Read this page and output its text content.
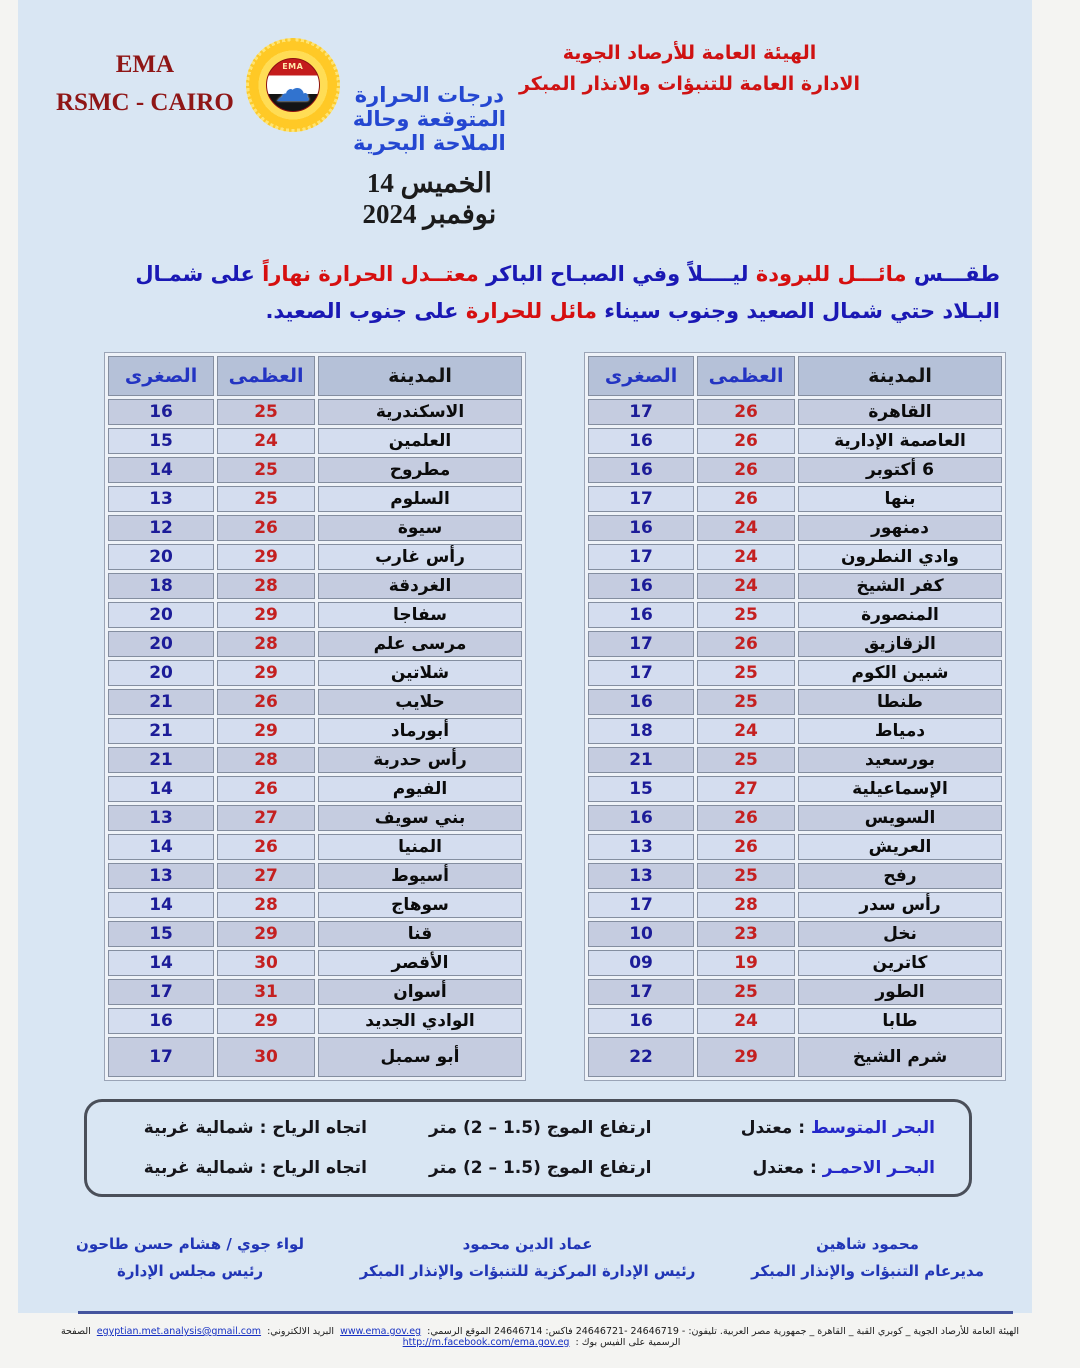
الهيئة العامة للأرصاد الجوية
الادارة العامة للتنبؤات والانذار المبكر
درجات الحرارة المتوقعة وحالة الملاحة البحرية
الخميس 14 نوفمبر 2024
EMA
☁
EMA
RSMC - CAIRO
طقـــس مائـــل للبرودة ليــــلاً وفي الصبـاح الباكر معتــدل الحرارة نهاراً على شمـال البـلاد حتي شمال الصعيد وجنوب سيناء مائل للحرارة على جنوب الصعيد.
المدينة	العظمى	الصغرى
القاهرة	26	17
العاصمة الإدارية	26	16
6 أكتوبر	26	16
بنها	26	17
دمنهور	24	16
وادي النطرون	24	17
كفر الشيخ	24	16
المنصورة	25	16
الزقازيق	26	17
شبين الكوم	25	17
طنطا	25	16
دمياط	24	18
بورسعيد	25	21
الإسماعيلية	27	15
السويس	26	16
العريش	26	13
رفح	25	13
رأس سدر	28	17
نخل	23	10
كاترين	19	09
الطور	25	17
طابا	24	16
شرم الشيخ	29	22
المدينة	العظمى	الصغرى
الاسكندرية	25	16
العلمين	24	15
مطروح	25	14
السلوم	25	13
سيوة	26	12
رأس غارب	29	20
الغردقة	28	18
سفاجا	29	20
مرسى علم	28	20
شلاتين	29	20
حلايب	26	21
أبورماد	29	21
رأس حدربة	28	21
الفيوم	26	14
بني سويف	27	13
المنيا	26	14
أسيوط	27	13
سوهاج	28	14
قنا	29	15
الأقصر	30	14
أسوان	31	17
الوادي الجديد	29	16
أبو سمبل	30	17
البحر المتوسط : معتدل
ارتفاع الموج (1.5 – 2) متر
اتجاه الرياح : شمالية غربية
البحـر الاحمـر : معتدل
ارتفاع الموج (1.5 – 2) متر
اتجاه الرياح : شمالية غربية
محمود شاهين
مديرعام التنبؤات والإنذار المبكر
عماد الدين محمود
رئيس الإدارة المركزية للتنبؤات والإنذار المبكر
لواء جوي / هشام حسن طاحون
رئيس مجلس الإدارة
الهيئة العامة للأرصاد الجوية _ كوبري القبة _ القاهرة _ جمهورية مصر العربية. تليفون: - 24646719 -24646721 فاكس: 24646714 الموقع الرسمي: www.ema.gov.eg البريد الالكتروني: egyptian.met.analysis@gmail.com الصفحة الرسمية على الفيس بوك : http://m.facebook.com/ema.gov.eg
